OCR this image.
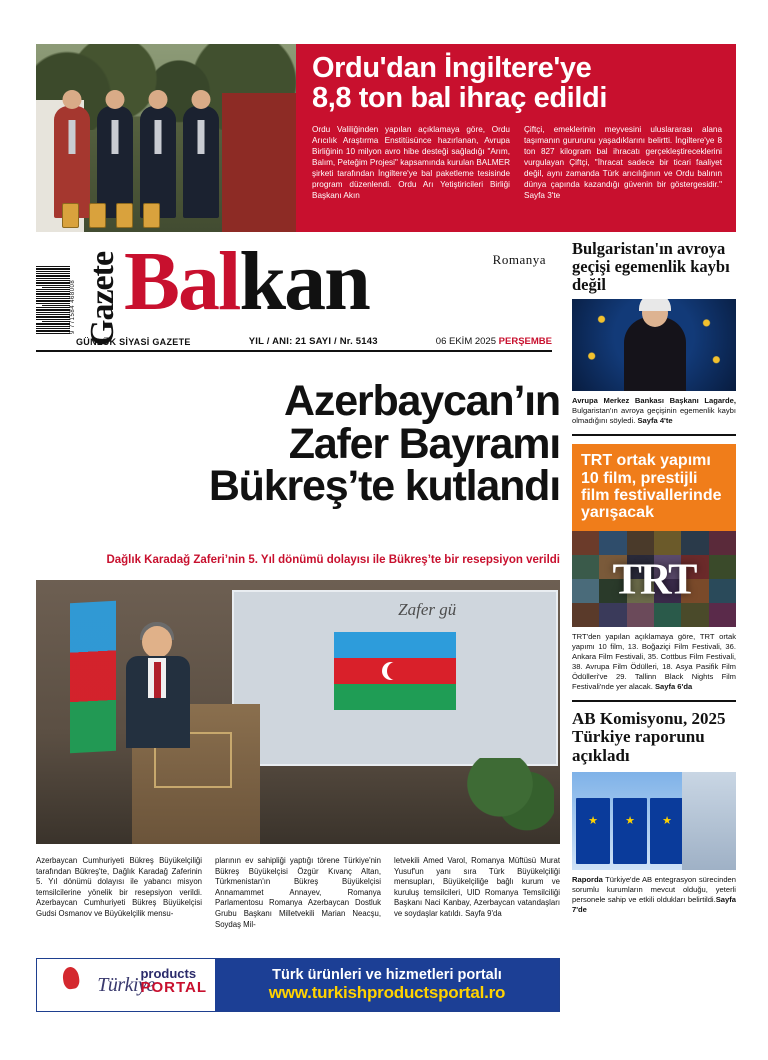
Ordu'dan İngiltere'ye
8,8 ton bal ihraç edildi
Ordu Valiliğinden yapılan açıklamaya göre, Ordu Arıcılık Araştırma Enstitüsünce hazırlanan, Avrupa Birliğinin 10 milyon avro hibe desteği sağladığı "Arım, Balım, Peteğim Projesi" kapsamında kurulan BALMER şirketi tarafından İngiltere'ye bal paketleme tesisinde program düzenlendi. Ordu Arı Yetiştiricileri Birliği Başkanı Akın
Çiftçi, emeklerinin meyvesini uluslararası alana taşımanın gururunu yaşadıklarını belirtti. İngiltere'ye 8 ton 827 kilogram bal ihracatı gerçekleştireceklerini vurgulayan Çiftçi, "İhracat sadece bir ticari faaliyet değil, aynı zamanda Türk arıcılığının ve Ordu balının dünya çapında kazandığı güvenin bir göstergesidir." Sayfa 3'te
9 771584 468008 Gazete Balkan	Romanya
GÜNLÜK SİYASİ GAZETE	YIL / ANI: 21 SAYI / Nr. 5143	06 EKİM 2025 PERŞEMBE
Azerbaycan’ın
Zafer Bayramı
Bükreş’te kutlandı
Dağlık Karadağ Zaferi’nin 5. Yıl dönümü dolayısı ile Bükreş’te bir resepsiyon verildi
Zafer gü
Azerbaycan Cumhuriyeti Bükreş Büyükelçiliği tarafından Bükreş'te, Dağlık Karadağ Zaferinin 5. Yıl dönümü dolayısı ile yabancı misyon temsilcilerine yönelik bir resepsiyon verildi. Azerbaycan Cumhuriyeti Bükreş Büyükelçisi Gudsi Osmanov ve Büyükelçilik mensu-
plarının ev sahipliği yaptığı törene Türkiye'nin Bükreş Büyükelçisi Özgür Kıvanç Altan, Türkmenistan'ın Bükreş Büyükelçisi Annamammet Annayev, Romanya Parlamentosu Romanya Azerbaycan Dostluk Grubu Başkanı Milletvekili Marian Neacşu, Soydaş Mil-
letvekili Amed Varol, Romanya Müftüsü Murat Yusuf'un yanı sıra Türk Büyükelçiliği mensupları, Büyükelçiliğe bağlı kurum ve kuruluş temsilcileri, UID Romanya Temsilciliği Başkanı Naci Kanbay, Azerbaycan vatandaşları ve soydaşlar katıldı. Sayfa 9'da
Türkiye
products
PORTAL
Türk ürünleri ve hizmetleri portalı
www.turkishproductsportal.ro
Bulgaristan'ın avroya geçişi egemenlik kaybı değil
Avrupa Merkez Bankası Başkanı Lagarde, Bulgaristan'ın avroya geçişinin egemenlik kaybı olmadığını söyledi. Sayfa 4'te
TRT ortak yapımı 10 film, prestijli film festivallerinde yarışacak
TRT
TRT'den yapılan açıklamaya göre, TRT ortak yapımı 10 film, 13. Boğaziçi Film Festivali, 36. Ankara Film Festivali, 35. Cottbus Film Festivali, 38. Avrupa Film Ödülleri, 18. Asya Pasifik Film Ödülleri've 29. Tallinn Black Nights Film Festivali'nde yer alacak. Sayfa 6'da
AB Komisyonu, 2025 Türkiye raporunu açıkladı
★
★
★
★
Raporda Türkiye'de AB entegrasyon sürecinden sorumlu kurumların mevcut olduğu, yeterli personele sahip ve etkili oldukları belirtildi.Sayfa 7'de
